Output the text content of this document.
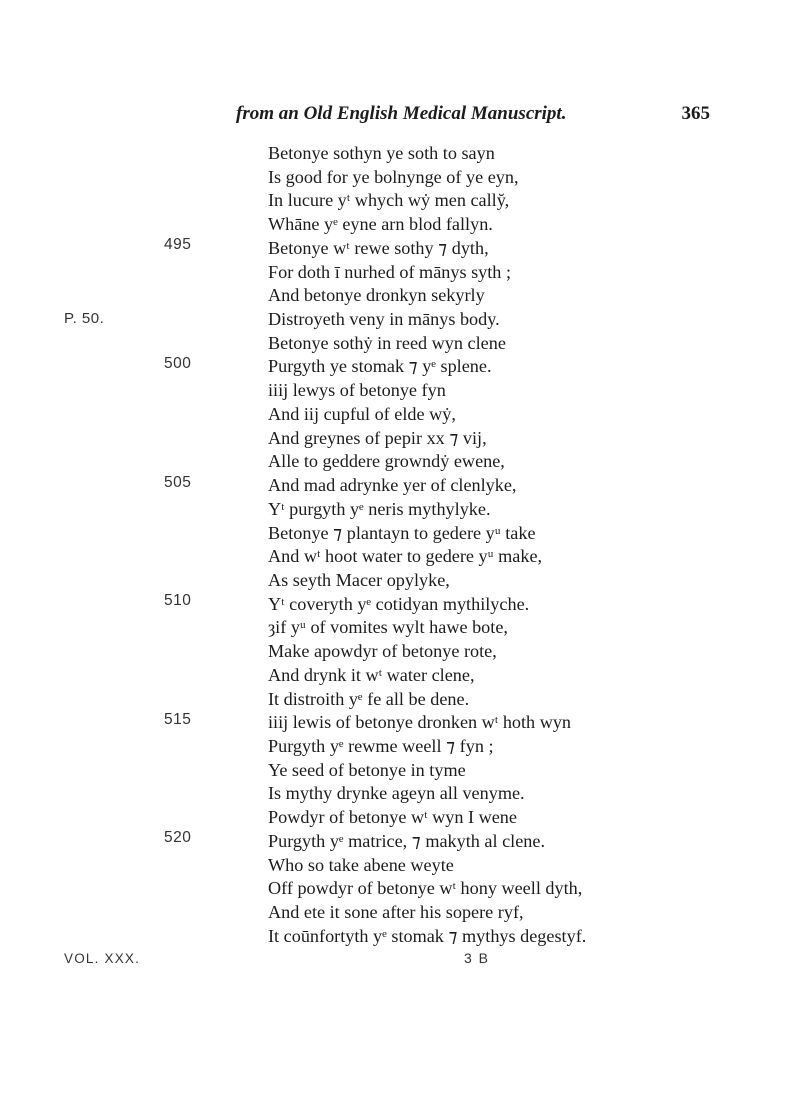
from an Old English Medical Manuscript.	365
P. 50.
495
500
505
510
515
520
Betonye sothyn ye soth to sayn
Is good for ye bolnynge of ye eyn,
In lucure yᵗ whych wẏ men cally̆,
Whāne yᵉ eyne arn blod fallyn.
Betonye wᵗ rewe sothy ⁊ dyth,
For doth ī nurhed of mānys syth ;
And betonye dronkyn sekyrly
Distroyeth veny in mānys body.
Betonye sothẏ in reed wyn clene
Purgyth ye stomak ⁊ yᵉ splene.
iiij lewys of betonye fyn
And iij cupful of elde wẏ,
And greynes of pepir xx ⁊ vij,
Alle to geddere growndẏ ewene,
And mad adrynke yer of clenlyke,
Yᵗ purgyth yᵉ neris mythylyke.
Betonye ⁊ plantayn to gedere yᵘ take
And wᵗ hoot water to gedere yᵘ make,
As seyth Macer opylyke,
Yᵗ coveryth yᵉ cotidyan mythilyche.
ȝif yᵘ of vomites wylt hawe bote,
Make apowdyr of betonye rote,
And drynk it wᵗ water clene,
It distroith yᵉ fe all be dene.
iiij lewis of betonye dronken wᵗ hoth wyn
Purgyth yᵉ rewme weell ⁊ fyn ;
Ye seed of betonye in tyme
Is mythy drynke ageyn all venyme.
Powdyr of betonye wᵗ wyn I wene
Purgyth yᵉ matrice, ⁊ makyth al clene.
Who so take abene weyte
Off powdyr of betonye wᵗ hony weell dyth,
And ete it sone after his sopere ryf,
It coūnfortyth yᵉ stomak ⁊ mythys degestyf.
VOL. XXX.	3 B
